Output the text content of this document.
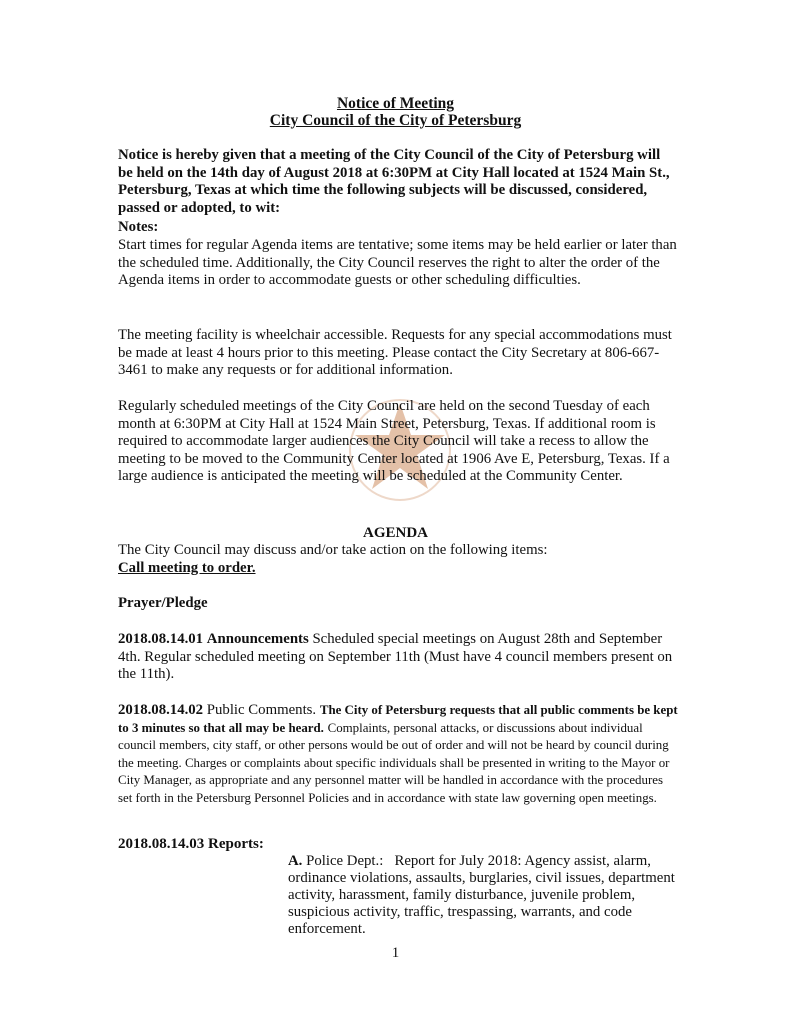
Notice of Meeting
City Council of the City of Petersburg
Notice is hereby given that a meeting of the City Council of the City of Petersburg will be held on the 14th day of August 2018 at 6:30PM at City Hall located at 1524 Main St., Petersburg, Texas at which time the following subjects will be discussed, considered, passed or adopted, to wit:
Notes:
Start times for regular Agenda items are tentative; some items may be held earlier or later than the scheduled time. Additionally, the City Council reserves the right to alter the order of the Agenda items in order to accommodate guests or other scheduling difficulties.
The meeting facility is wheelchair accessible. Requests for any special accommodations must be made at least 4 hours prior to this meeting. Please contact the City Secretary at 806-667-3461 to make any requests or for additional information.
Regularly scheduled meetings of the City Council are held on the second Tuesday of each month at 6:30PM at City Hall at 1524 Main Street, Petersburg, Texas. If additional room is required to accommodate larger audiences the City Council will take a recess to allow the meeting to be moved to the Community Center located at 1906 Ave E, Petersburg, Texas. If a large audience is anticipated the meeting will be scheduled at the Community Center.
AGENDA
The City Council may discuss and/or take action on the following items:
Call meeting to order.
Prayer/Pledge
2018.08.14.01 Announcements Scheduled special meetings on August 28th and September 4th. Regular scheduled meeting on September 11th (Must have 4 council members present on the 11th).
2018.08.14.02 Public Comments. The City of Petersburg requests that all public comments be kept to 3 minutes so that all may be heard. Complaints, personal attacks, or discussions about individual council members, city staff, or other persons would be out of order and will not be heard by council during the meeting. Charges or complaints about specific individuals shall be presented in writing to the Mayor or City Manager, as appropriate and any personnel matter will be handled in accordance with the procedures set forth in the Petersburg Personnel Policies and in accordance with state law governing open meetings.
2018.08.14.03 Reports:
A. Police Dept.: Report for July 2018: Agency assist, alarm, ordinance violations, assaults, burglaries, civil issues, department activity, harassment, family disturbance, juvenile problem, suspicious activity, traffic, trespassing, warrants, and code enforcement.
1
